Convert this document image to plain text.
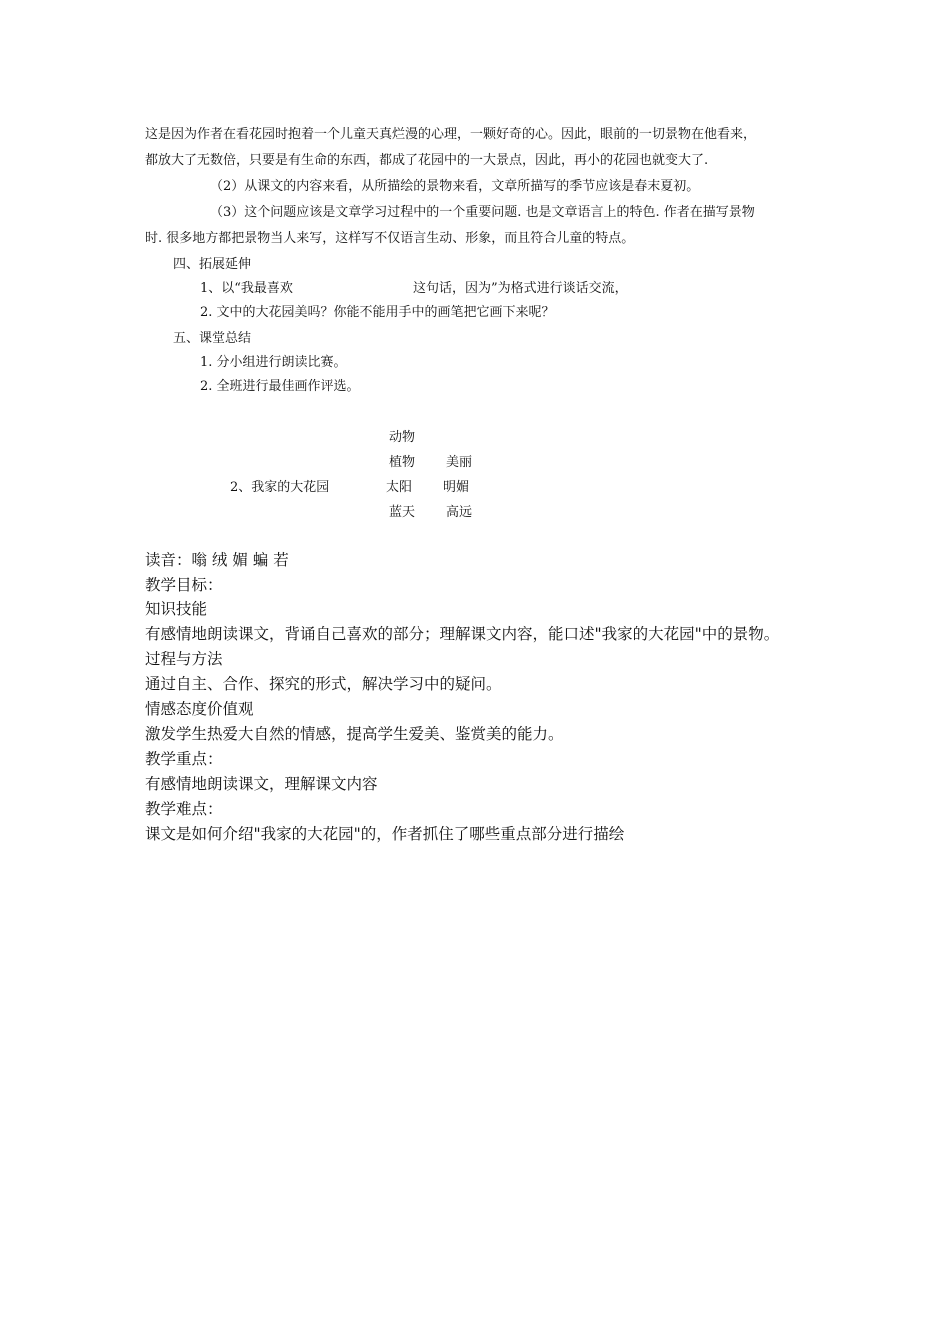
这是因为作者在看花园时抱着一个儿童天真烂漫的心理，一颗好奇的心。因此，眼前的一切景物在他看来，
都放大了无数倍，只要是有生命的东西，都成了花园中的一大景点，因此，再小的花园也就变大了.
（2）从课文的内容来看，从所描绘的景物来看，文章所描写的季节应该是春末夏初。
（3）这个问题应该是文章学习过程中的一个重要问题. 也是文章语言上的特色. 作者在描写景物
时. 很多地方都把景物当人来写，这样写不仅语言生动、形象，而且符合儿童的特点。
四、拓展延伸
1、以“我最喜欢	这句话，因为”为格式进行谈话交流，
2. 文中的大花园美吗？你能不能用手中的画笔把它画下来呢？
五、课堂总结
1. 分小组进行朗读比赛。
2. 全班进行最佳画作评选。
2、我家的大花园
动物
植物
太阳
蓝天
美丽
明媚
高远
读音：嗡 绒 媚 蝙 若
教学目标：
知识技能
有感情地朗读课文，背诵自己喜欢的部分；理解课文内容，能口述"我家的大花园"中的景物。
过程与方法
通过自主、合作、探究的形式，解决学习中的疑问。
情感态度价值观
激发学生热爱大自然的情感，提高学生爱美、鉴赏美的能力。
教学重点：
有感情地朗读课文，理解课文内容
教学难点：
课文是如何介绍"我家的大花园"的，作者抓住了哪些重点部分进行描绘
